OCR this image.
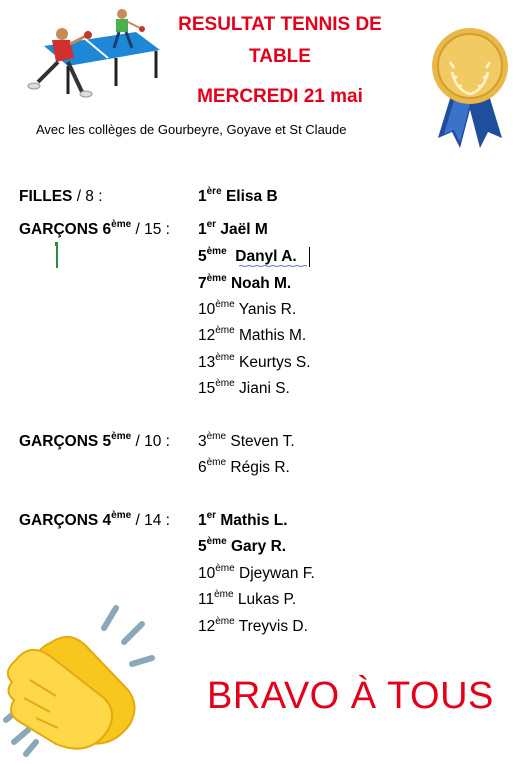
RESULTAT TENNIS DE
TABLE
MERCREDI 21 mai
Avec les collèges de Gourbeyre, Goyave et St Claude
FILLES / 8 :	1ère Elisa B
GARÇONS 6ème / 15 : 1er Jaël M
5ème Danyl A.
7ème Noah M.
10ème Yanis R.
12ème Mathis M.
13ème Keurtys S.
15ème Jiani S.
GARÇONS 5ème / 10 : 3ème Steven T.
6ème Régis R.
GARÇONS 4ème / 14 : 1er Mathis L.
5ème Gary R.
10ème Djeywan F.
11ème Lukas P.
12ème Treyvis D.
BRAVO À TOUS
